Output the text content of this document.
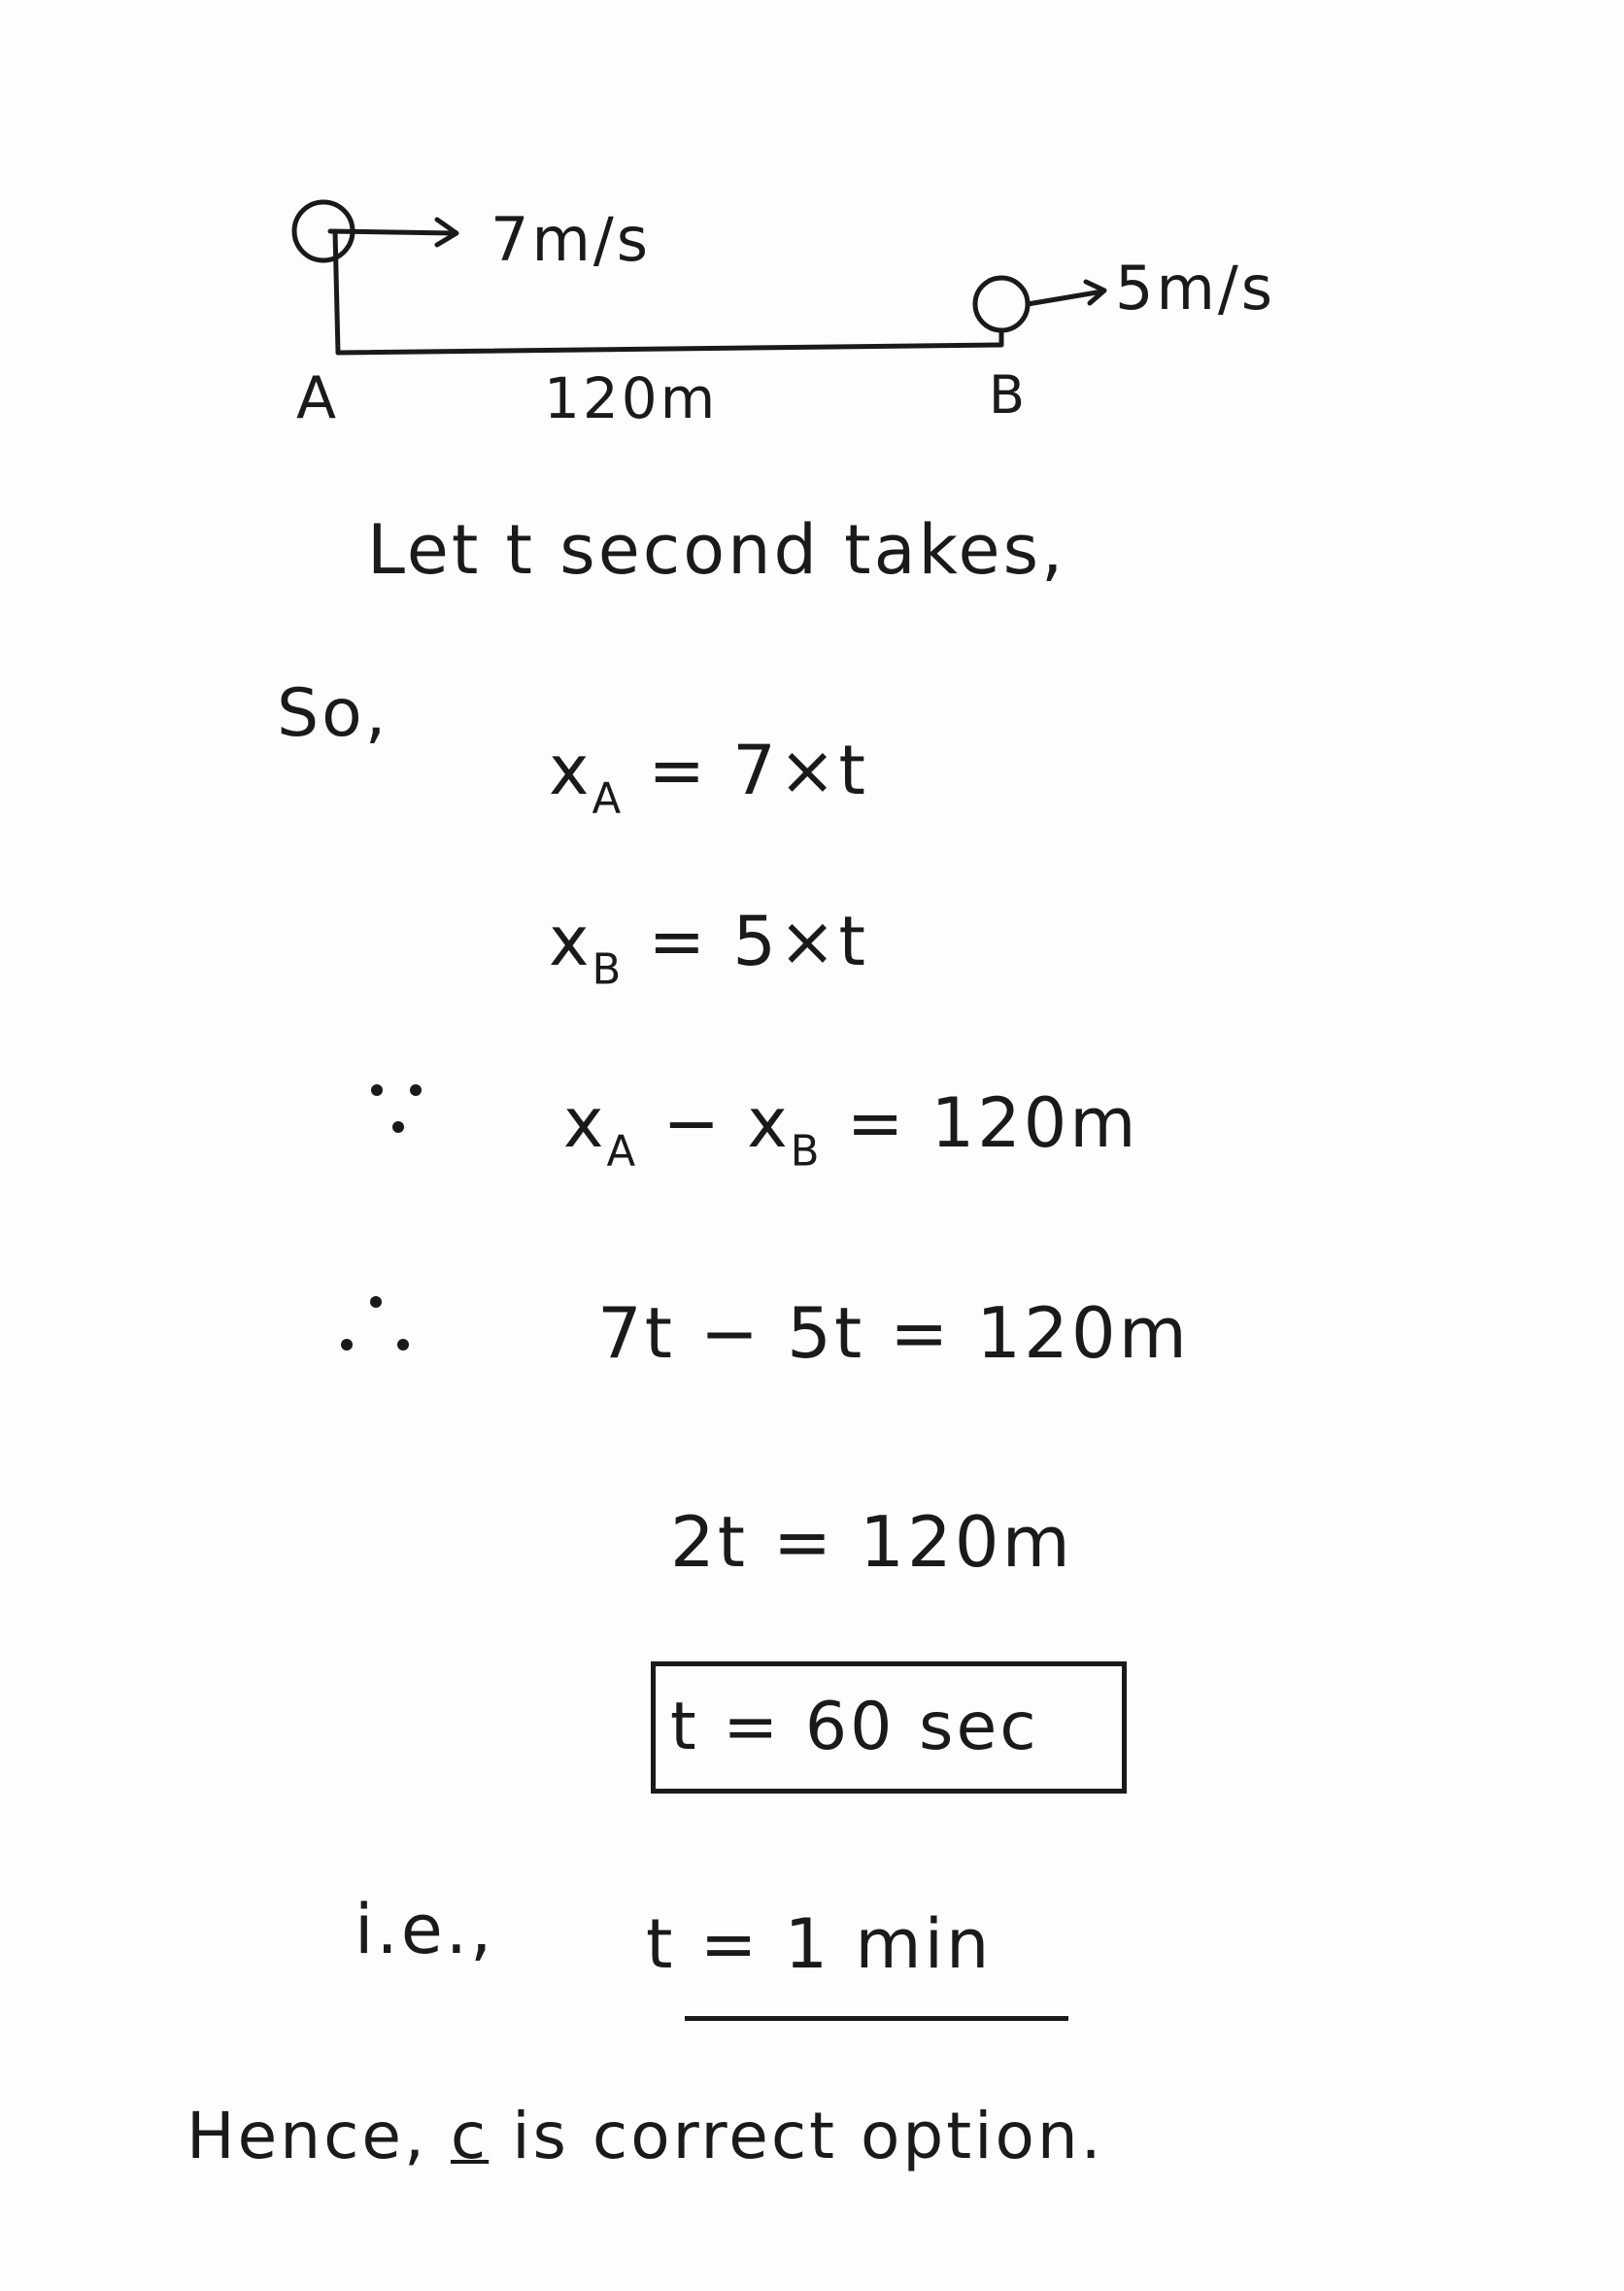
7m/s
5m/s
A	B
120m
Let t second takes,
So,
$x_A = 7\times t$
$x_B = 5\times t$
$x_A - x_B = 120m$
7t − 5t = 120m
2t = 120m
t = 60 sec
i.e., t = 1 min
Hence, c is correct option.
